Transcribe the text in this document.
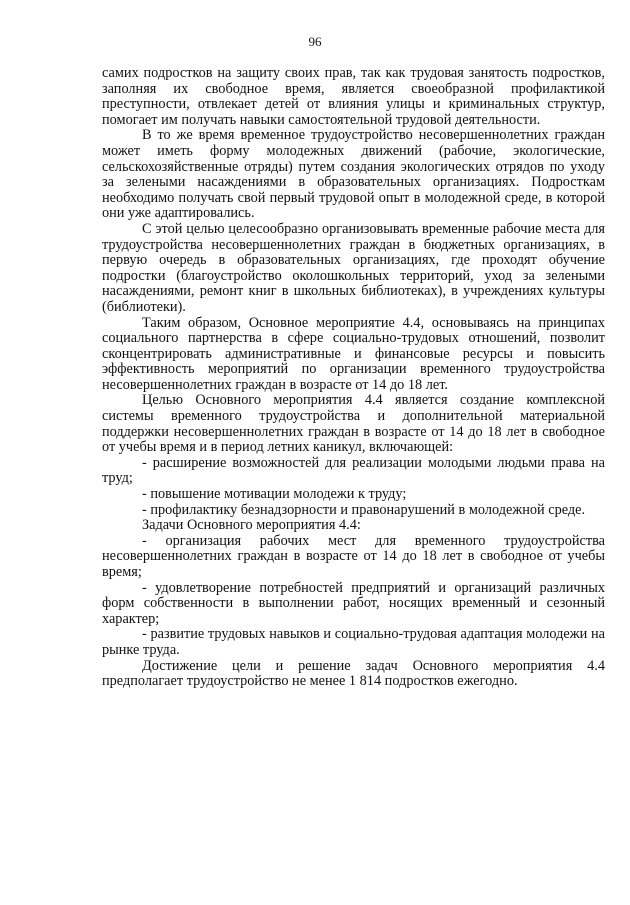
96

самих подростков на защиту своих прав, так как трудовая занятость подростков, заполняя их свободное время, является своеобразной профилактикой преступности, отвлекает детей от влияния улицы и криминальных структур, помогает им получать навыки самостоятельной трудовой деятельности.

В то же время временное трудоустройство несовершеннолетних граждан может иметь форму молодежных движений (рабочие, экологические, сельскохозяйственные отряды) путем создания экологических отрядов по уходу за зелеными насаждениями в образовательных организациях. Подросткам необходимо получать свой первый трудовой опыт в молодежной среде, в которой они уже адаптировались.

С этой целью целесообразно организовывать временные рабочие места для трудоустройства несовершеннолетних граждан в бюджетных организациях, в первую очередь в образовательных организациях, где проходят обучение подростки (благоустройство околошкольных территорий, уход за зелеными насаждениями, ремонт книг в школьных библиотеках), в учреждениях культуры (библиотеки).

Таким образом, Основное мероприятие 4.4, основываясь на принципах социального партнерства в сфере социально-трудовых отношений, позволит сконцентрировать административные и финансовые ресурсы и повысить эффективность мероприятий по организации временного трудоустройства несовершеннолетних граждан в возрасте от 14 до 18 лет.

Целью Основного мероприятия 4.4 является создание комплексной системы временного трудоустройства и дополнительной материальной поддержки несовершеннолетних граждан в возрасте от 14 до 18 лет в свободное от учебы время и в период летних каникул, включающей:

- расширение возможностей для реализации молодыми людьми права на труд;

- повышение мотивации молодежи к труду;

- профилактику безнадзорности и правонарушений в молодежной среде.

Задачи Основного мероприятия 4.4:

- организация рабочих мест для временного трудоустройства несовершеннолетних граждан в возрасте от 14 до 18 лет в свободное от учебы время;

- удовлетворение потребностей предприятий и организаций различных форм собственности в выполнении работ, носящих временный и сезонный характер;

- развитие трудовых навыков и социально-трудовая адаптация молодежи на рынке труда.

Достижение цели и решение задач Основного мероприятия 4.4 предполагает трудоустройство не менее 1 814 подростков ежегодно.
